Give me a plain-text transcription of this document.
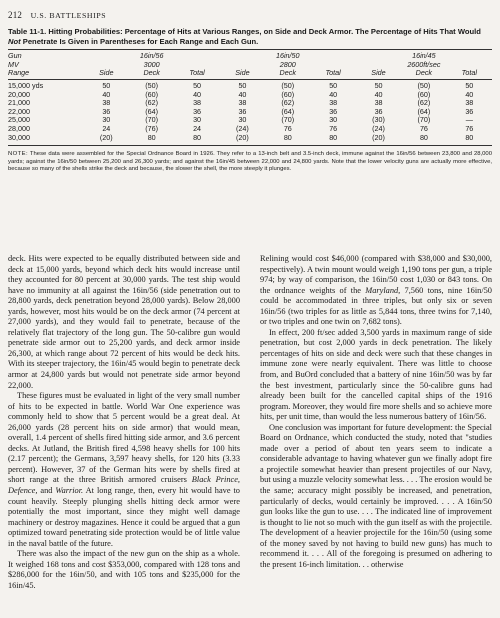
212 U.S. BATTLESHIPS
Table 11-1. Hitting Probabilities: Percentage of Hits at Various Ranges, on Side and Deck Armor. The Percentage of Hits That Would Not Penetrate Is Given in Parentheses for Each Range and Each Gun.
Gun	16in/56			16in/50			16in/45		
MV	3000			2800			2600ft/sec		
Range	Side	Deck	Total	Side	Deck	Total	Side	Deck	Total
15,000 yds	50	(50)	50	50	(50)	50	50	(50)	50
20,000	40	(60)	40	40	(60)	40	40	(60)	40
21,000	38	(62)	38	38	(62)	38	38	(62)	38
22,000	36	(64)	36	36	(64)	36	36	(64)	36
25,000	30	(70)	30	30	(70)	30	(30)	(70)	—
28,000	24	(76)	24	(24)	76	76	(24)	76	76
30,000	(20)	80	80	(20)	80	80	(20)	80	80
NOTE: These data were assembled for the Special Ordnance Board in 1926. They refer to a 13-inch belt and 3.5-inch deck, immune against the 16in/56 between 23,800 and 28,000 yards; against the 16in/50 between 25,200 and 26,300 yards; and against the 16in/45 between 22,000 and 24,800 yards. Note that the lower velocity guns are actually more effective, because so many of the shells strike the deck and because, the slower the shell, the more steeply it plunges.

deck. Hits were expected to be equally distributed between side and deck at 15,000 yards, beyond which deck hits would increase until they accounted for 80 percent at 30,000 yards. The test ship would have no immunity at all against the 16in/56 (side penetration out to 28,800 yards, deck penetration beyond 28,000 yards). Below 28,000 yards, however, most hits would be on the deck armor (74 percent at 27,000 yards), and they would fail to penetrate, because of the relatively flat trajectory of the long gun. The 50-calibre gun would penetrate side armor out to 25,200 yards, and deck armor inside 26,300, at which range about 72 percent of hits would be deck hits. With its steeper trajectory, the 16in/45 would begin to penetrate deck armor at 24,800 yards but would not penetrate side armor beyond 22,000.

These figures must be evaluated in light of the very small number of hits to be expected in battle. World War One experience was commonly held to show that 5 percent would be a great deal. At 26,000 yards (28 percent hits on side armor) that would mean, overall, 1.4 percent of shells fired hitting side armor, and 3.6 percent decks. At Jutland, the British fired 4,598 heavy shells for 100 hits (2.17 percent); the Germans, 3,597 heavy shells, for 120 hits (3.33 percent). However, 37 of the German hits were by shells fired at short range at the three British armored cruisers Black Prince, Defence, and Warrior. At long range, then, every hit would have to count heavily. Steeply plunging shells hitting deck armor were potentially the most important, since they might well damage machinery or destroy magazines. Hence it could be argued that a gun optimized toward penetrating side protection would be of little value in the naval battle of the future.

There was also the impact of the new gun on the ship as a whole. It weighed 168 tons and cost $353,000, compared with 128 tons and $286,000 for the 16in/50, and with 105 tons and $235,000 for the 16in/45.

Relining would cost $46,000 (compared with $38,000 and $30,000, respectively). A twin mount would weigh 1,190 tons per gun, a triple 974; by way of comparison, the 16in/50 cost 1,030 or 843 tons. On the ordnance weights of the Maryland, 7,560 tons, nine 16in/50 could be accommodated in three triples, but only six or seven 16in/56 (two triples for as little as 5,844 tons, three twins for 7,140, or two triples and one twin on 7,682 tons).

In effect, 200 ft/sec added 3,500 yards in maximum range of side penetration, but cost 2,000 yards in deck penetration. The likely percentages of hits on side and deck were such that these changes in immune zone were nearly equivalent. There was little to choose from, and BuOrd concluded that a battery of nine 16in/50 was by far the best investment, particularly since the 50-calibre guns had already been built for the cancelled capital ships of the 1916 program. Moreover, they would fire more shells and so achieve more hits, per unit time, than would the less numerous battery of 16in/56.

One conclusion was important for future development: the Special Board on Ordnance, which conducted the study, noted that "studies made over a period of about ten years seem to indicate a considerable advantage to having whatever gun we finally adopt fire a projectile somewhat heavier than present projectiles of our Navy, but using a muzzle velocity somewhat less. . . . The erosion would be the same; accuracy might possibly be increased, and penetration, particularly of decks, would certainly be improved. . . . A 16in/50 gun looks like the gun to use. . . . The indicated line of improvement is thought to lie not so much with the gun itself as with the projectile. The development of a heavier projectile for the 16in/50 (using some of the money saved by not having to build new guns) has much to recommend it. . . . All of the foregoing is presumed on adhering to the present 16-inch limitation. . . otherwise
